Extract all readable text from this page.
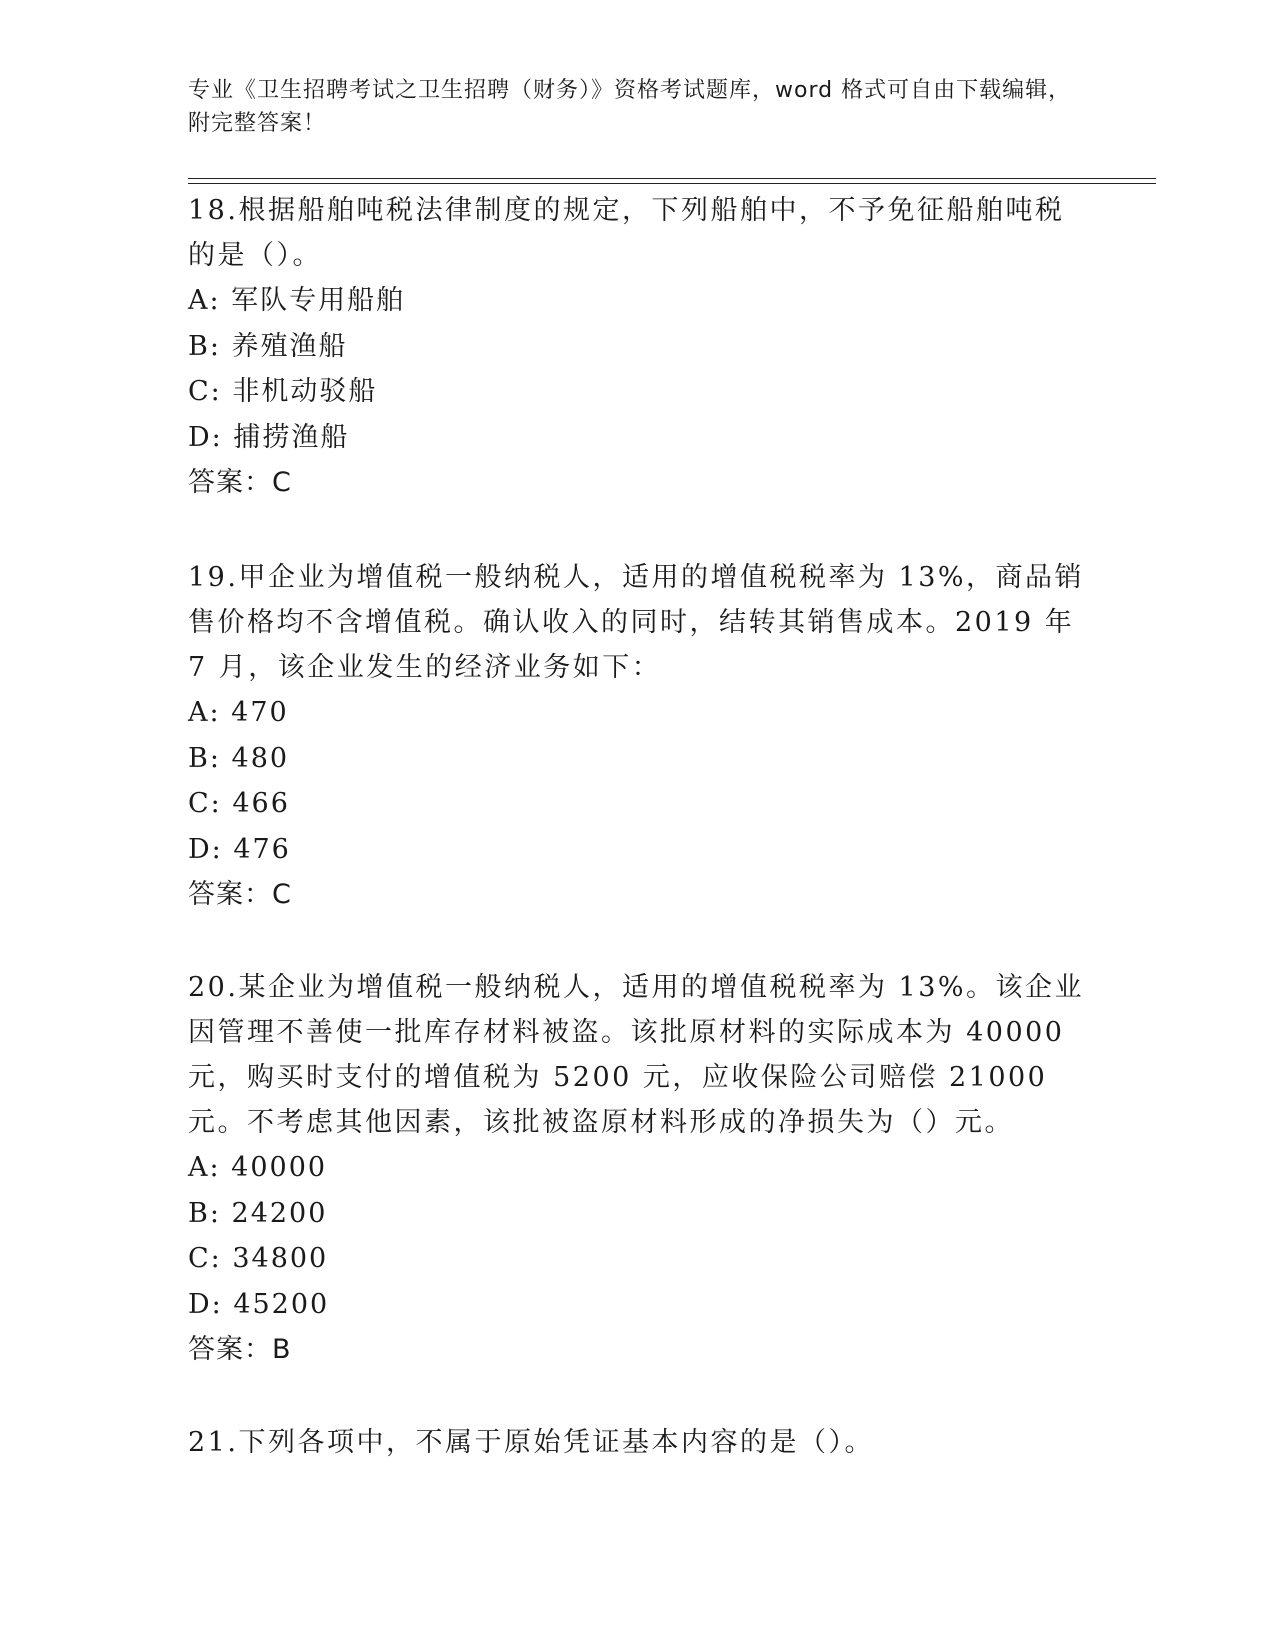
专业《卫生招聘考试之卫生招聘（财务）》资格考试题库，word 格式可自由下载编辑，附完整答案！

18.根据船舶吨税法律制度的规定，下列船舶中，不予免征船舶吨税的是（）。

A: 军队专用船舶

B: 养殖渔船

C: 非机动驳船

D: 捕捞渔船

答案：C

19.甲企业为增值税一般纳税人，适用的增值税税率为 13%，商品销售价格均不含增值税。确认收入的同时，结转其销售成本。2019 年 7 月，该企业发生的经济业务如下：

A: 470

B: 480

C: 466

D: 476

答案：C

20.某企业为增值税一般纳税人，适用的增值税税率为 13%。该企业因管理不善使一批库存材料被盗。该批原材料的实际成本为 40000 元，购买时支付的增值税为 5200 元，应收保险公司赔偿 21000 元。不考虑其他因素，该批被盗原材料形成的净损失为（）元。

A: 40000

B: 24200

C: 34800

D: 45200

答案：B

21.下列各项中，不属于原始凭证基本内容的是（）。
